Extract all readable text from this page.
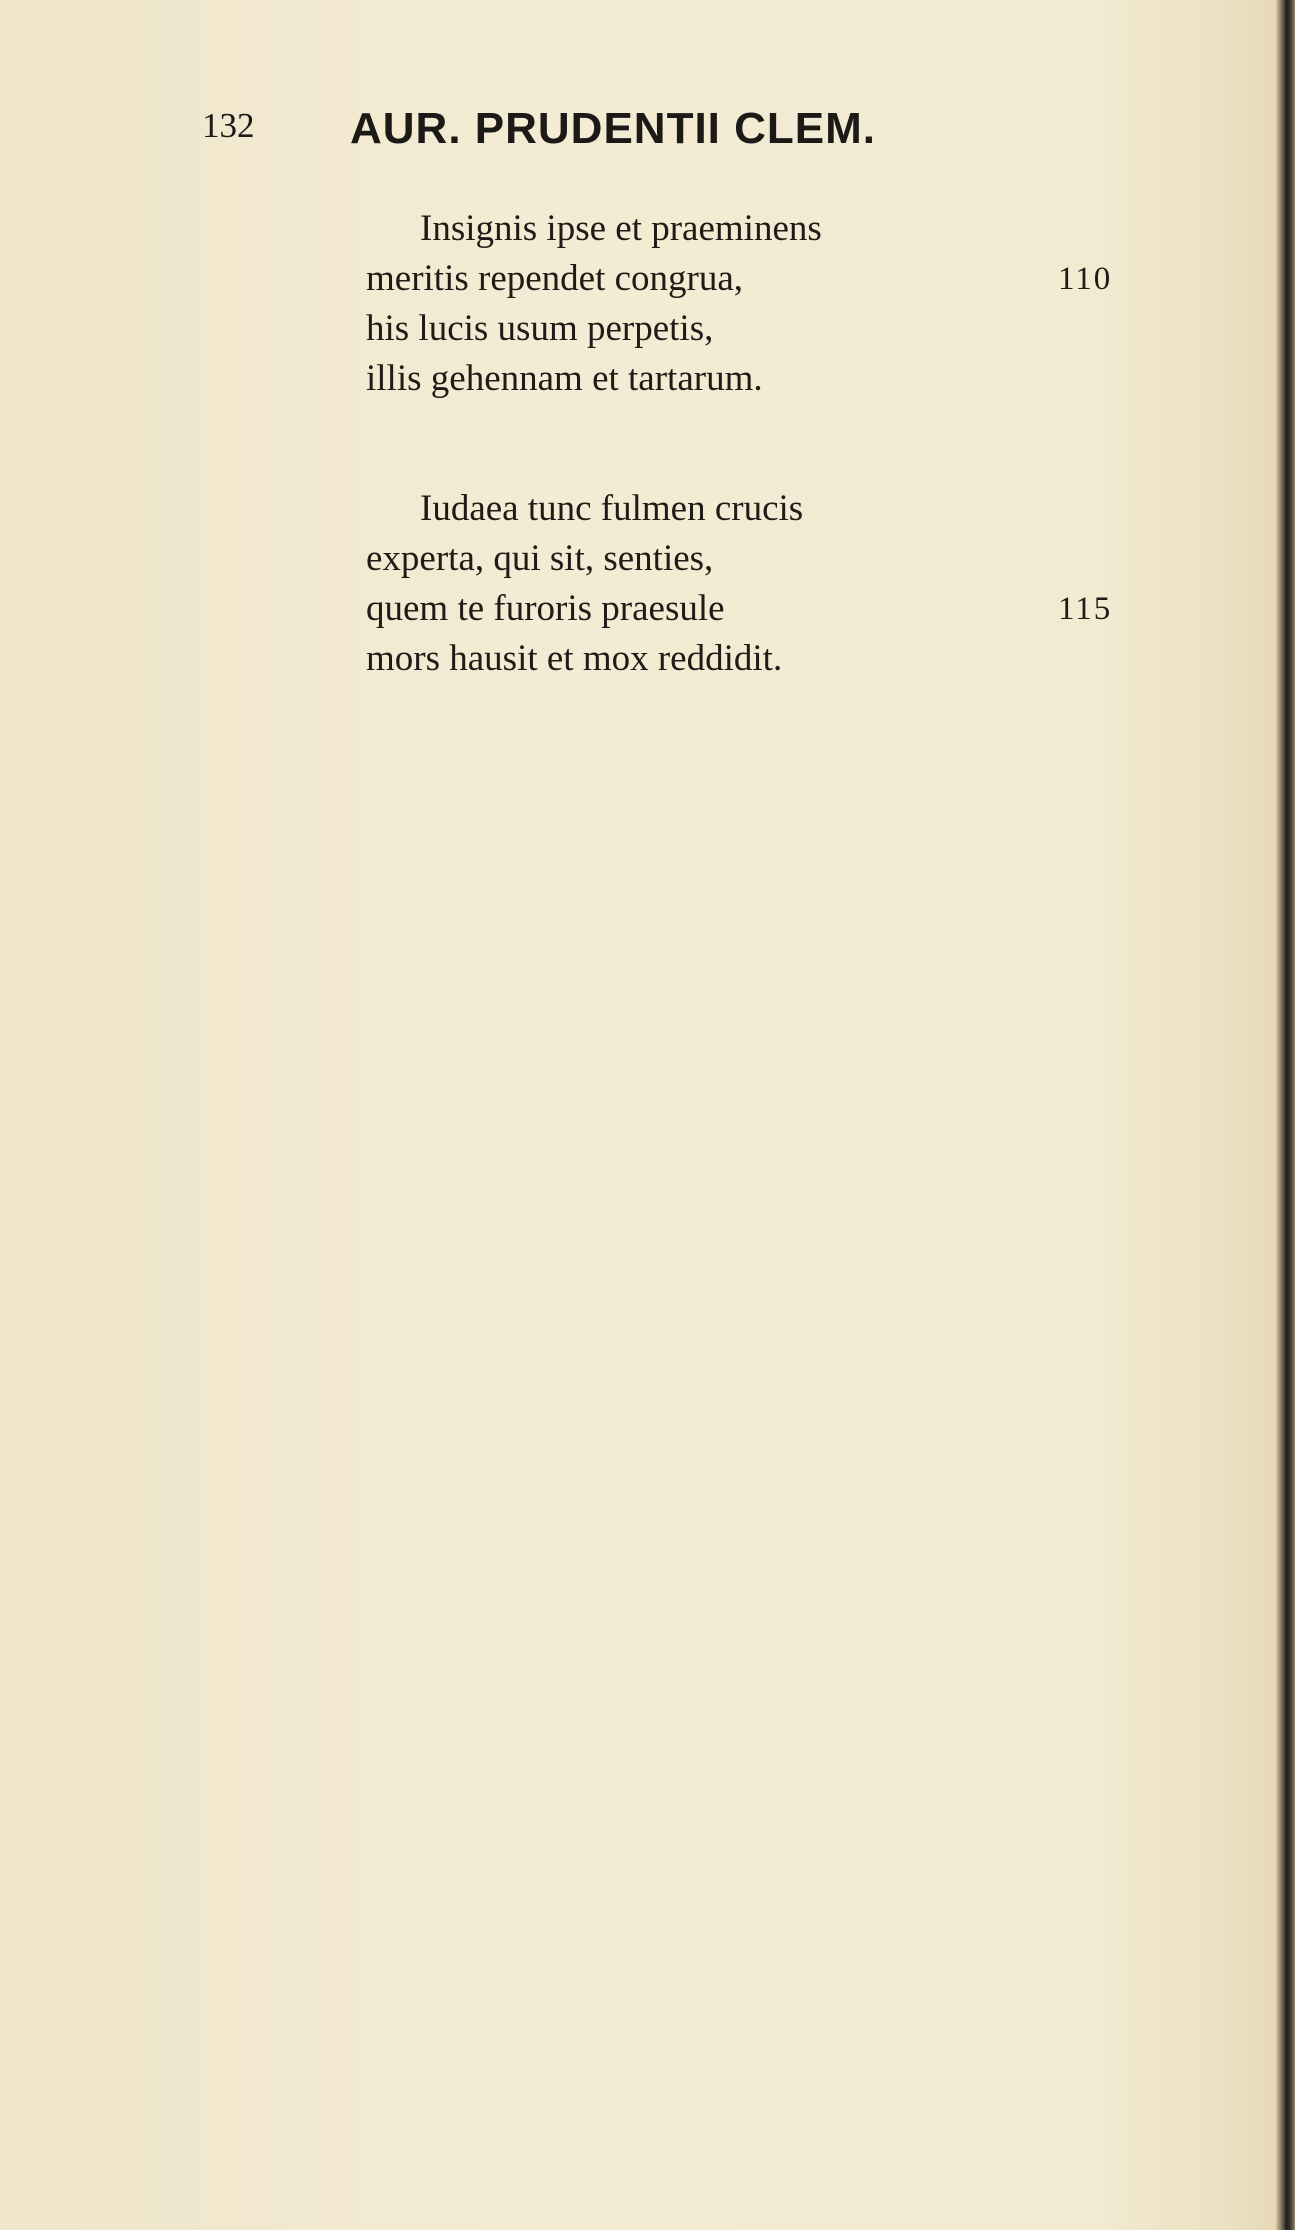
132 AUR. PRUDENTII CLEM.
Insignis ipse et praeminens
meritis rependet congrua,	110
his lucis usum perpetis,
illis gehennam et tartarum.
Iudaea tunc fulmen crucis
experta, qui sit, senties,
quem te furoris praesule	115
mors hausit et mox reddidit.
